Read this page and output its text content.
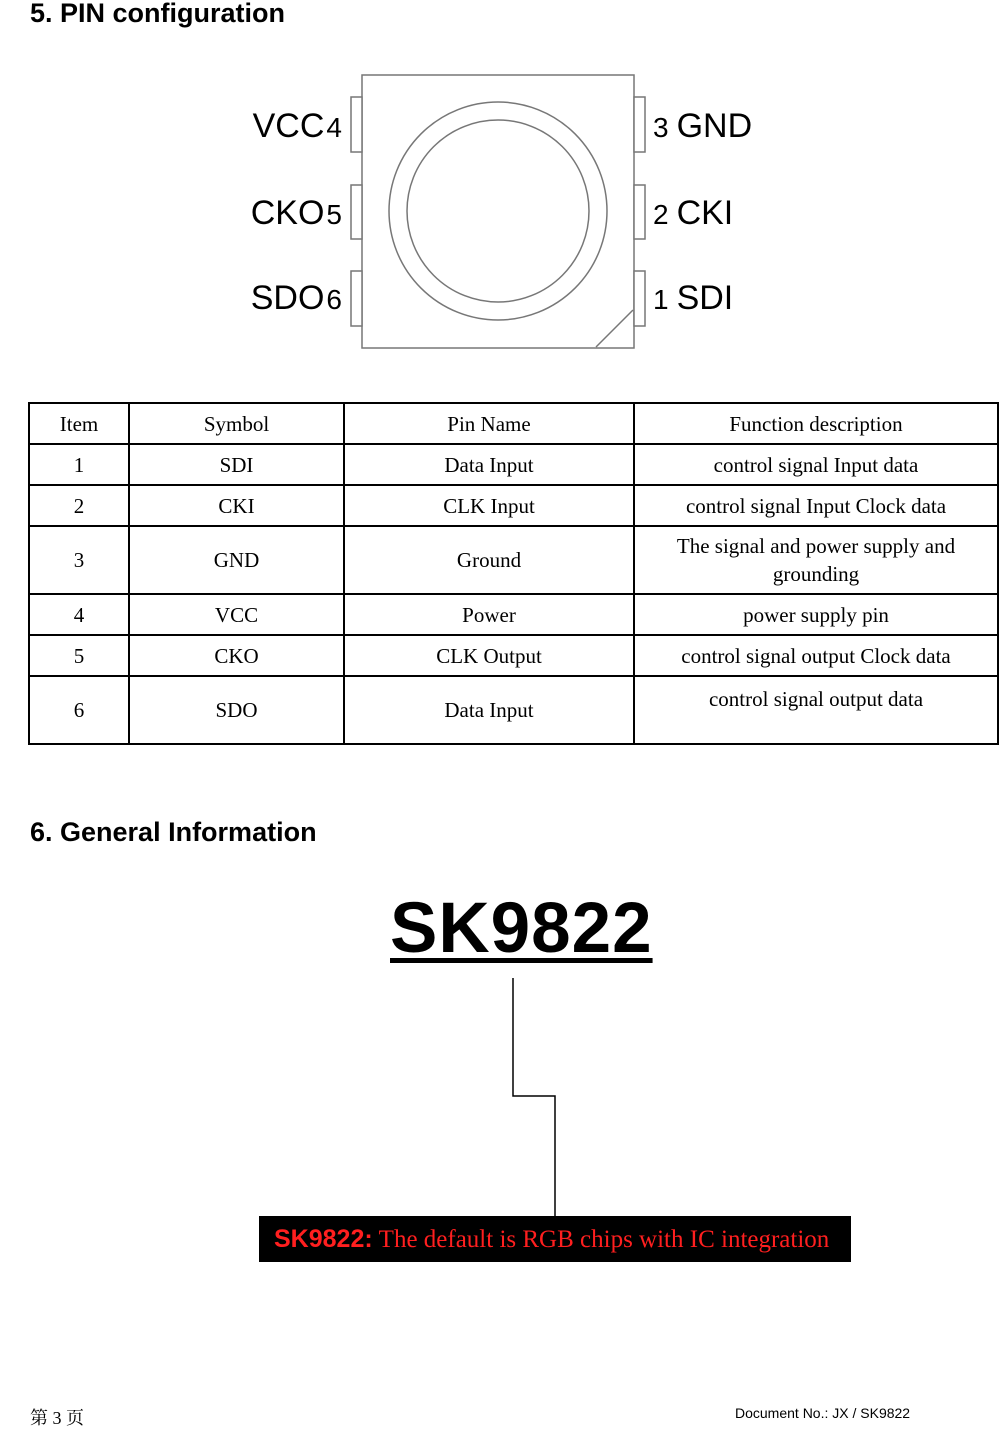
5. PIN configuration
VCC4
CKO5
SDO6
3 GND
2 CKI
1 SDI
Item	Symbol	Pin Name	Function description
1	SDI	Data Input	control signal Input data
2	CKI	CLK Input	control signal Input Clock data
3	GND	Ground	The signal and power supply and grounding
4	VCC	Power	power supply pin
5	CKO	CLK Output	control signal output Clock data
6	SDO	Data Input	control signal output data
6. General Information
SK9822
SK9822: The default is RGB chips with IC integration
第 3 页	Document No.: JX / SK9822
